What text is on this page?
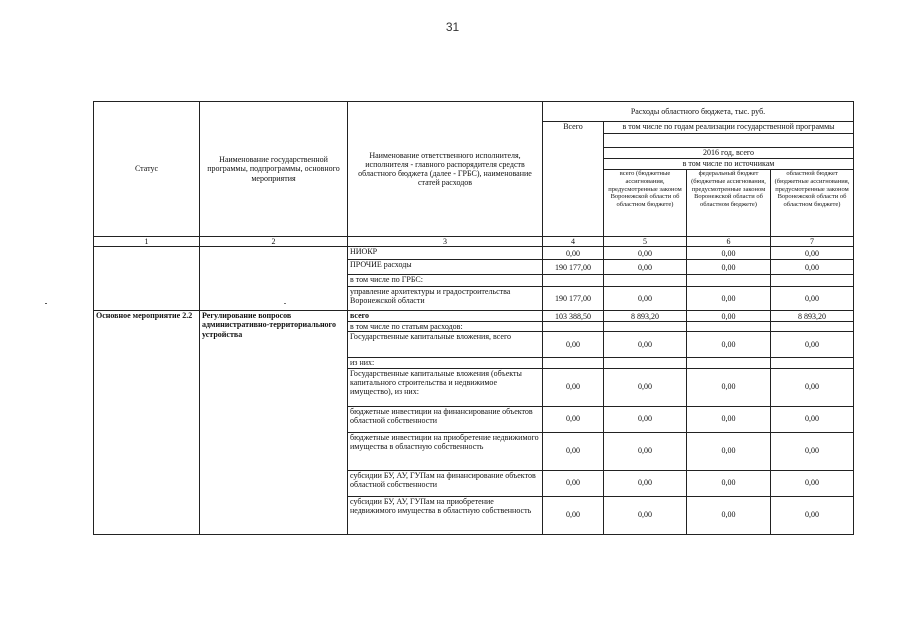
31
Статус	Наименование государственной программы, подпрограммы, основного мероприятия	Наименование ответственного исполнителя, исполнителя - главного распорядителя средств областного бюджета (далее - ГРБС), наименование статей расходов	Расходы областного бюджета, тыс. руб.			
			Всего	в том числе по годам реализации государственной программы		

				2016 год, всего		
				в том числе по источникам		
				всего (бюджетные ассигнования, предусмотренные законом Воронежской области об областном бюджете)	федеральный бюджет (бюджетные ассигнования, предусмотренные законом Воронежской области об областном бюджете)	областной бюджет (бюджетные ассигнования, предусмотренные законом Воронежской области об областном бюджете)
1	2	3	4	5	6	7
		НИОКР	0,00	0,00	0,00	0,00
		ПРОЧИЕ расходы	190 177,00	0,00	0,00	0,00
		в том числе по ГРБС:				
		управление архитектуры и градостроительства Воронежской области	190 177,00	0,00	0,00	0,00
Основное мероприятие 2.2	Регулирование вопросов административно-территориального устройства	всего	103 388,50	8 893,20	0,00	8 893,20
		в том числе по статьям расходов:				
		Государственные капитальные вложения, всего	0,00	0,00	0,00	0,00
		из них:				
		Государственные капитальные вложения (объекты капитального строительства и недвижимое имущество), из них:	0,00	0,00	0,00	0,00
		бюджетные инвестиции на финансирование объектов областной собственности	0,00	0,00	0,00	0,00
		бюджетные инвестиции на приобретение недвижимого имущества в областную собственность	0,00	0,00	0,00	0,00
		субсидии БУ, АУ, ГУПам на финансирование объектов областной собственности	0,00	0,00	0,00	0,00
		субсидии БУ, АУ, ГУПам на приобретение недвижимого имущества в областную собственность	0,00	0,00	0,00	0,00
